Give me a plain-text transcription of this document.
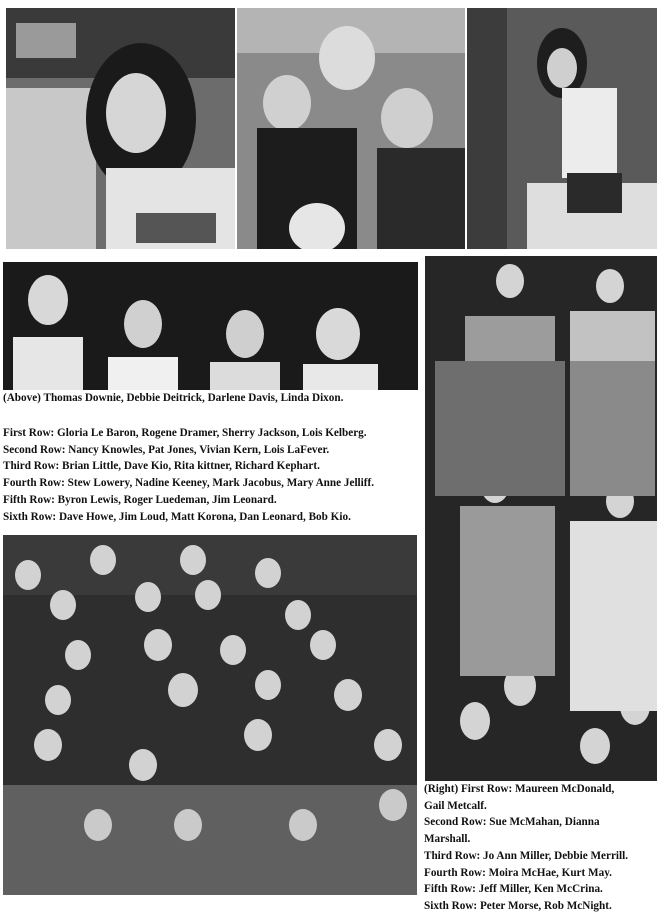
(Above) Thomas Downie, Debbie Deitrick, Darlene Davis, Linda Dixon.
First Row: Gloria Le Baron, Rogene Dramer, Sherry Jackson, Lois Kelberg.
Second Row: Nancy Knowles, Pat Jones, Vivian Kern, Lois LaFever.
Third Row: Brian Little, Dave Kio, Rita kittner, Richard Kephart.
Fourth Row: Stew Lowery, Nadine Keeney, Mark Jacobus, Mary Anne Jelliff.
Fifth Row: Byron Lewis, Roger Luedeman, Jim Leonard.
Sixth Row: Dave Howe, Jim Loud, Matt Korona, Dan Leonard, Bob Kio.
(Right) First Row: Maureen McDonald,
Gail Metcalf.
Second Row: Sue McMahan, Dianna
Marshall.
Third Row: Jo Ann Miller, Debbie Merrill.
Fourth Row: Moira McHae, Kurt May.
Fifth Row: Jeff Miller, Ken McCrina.
Sixth Row: Peter Morse, Rob McNight.
